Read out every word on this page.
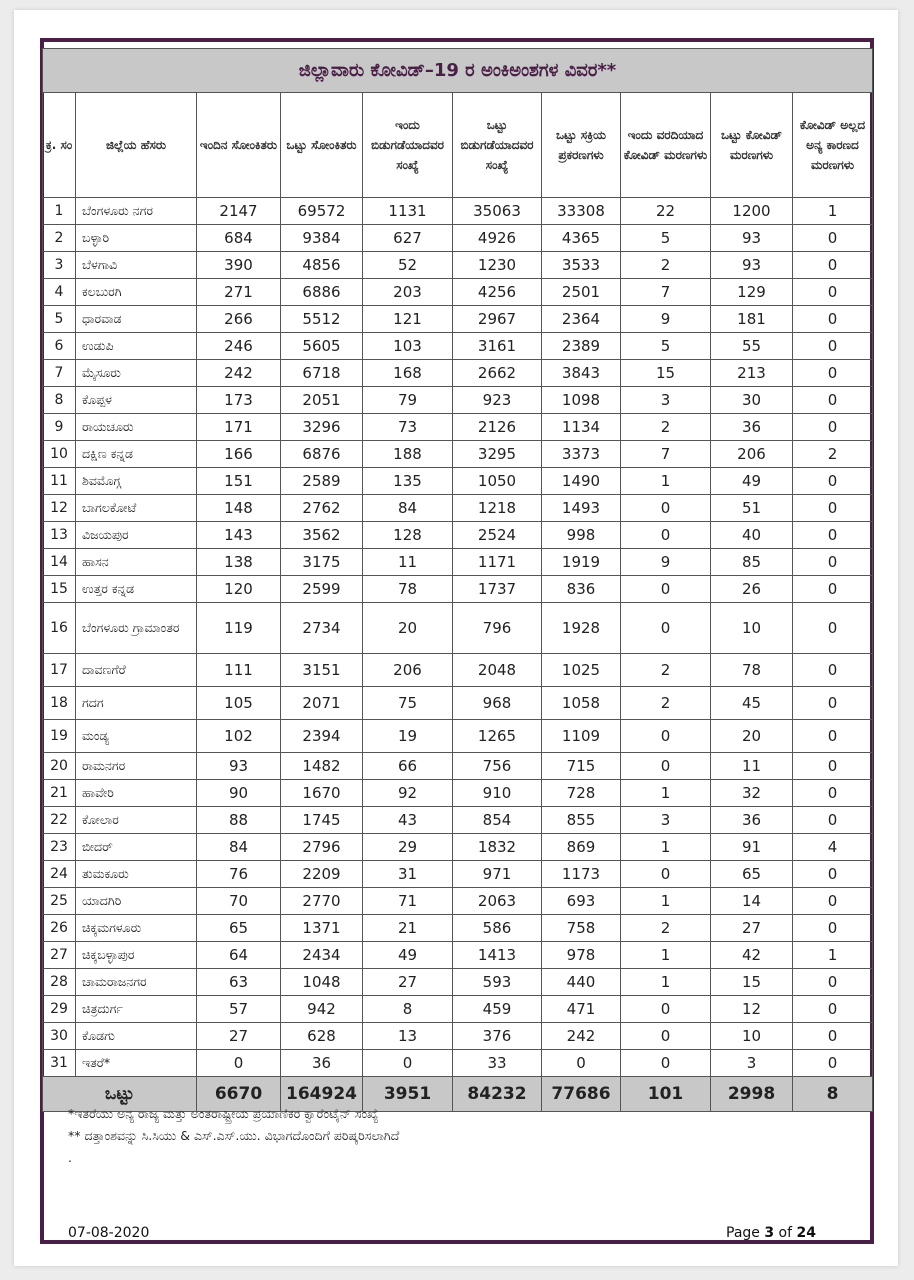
ಜಿಲ್ಲಾವಾರು ಕೋವಿಡ್–19 ರ ಅಂಕಿಅಂಶಗಳ ವಿವರ**									
ಕ್ರ. ಸಂ	ಜಿಲ್ಲೆಯ ಹೆಸರು	ಇಂದಿನ ಸೋಂಕಿತರು	ಒಟ್ಟು ಸೋಂಕಿತರು	ಇಂದು ಬಿಡುಗಡೆಯಾದವರ ಸಂಖ್ಯೆ	ಒಟ್ಟು ಬಿಡುಗಡೆಯಾದವರ ಸಂಖ್ಯೆ	ಒಟ್ಟು ಸಕ್ರಿಯ ಪ್ರಕರಣಗಳು	ಇಂದು ವರದಿಯಾದ ಕೋವಿಡ್ ಮರಣಗಳು	ಒಟ್ಟು ಕೋವಿಡ್ ಮರಣಗಳು	ಕೋವಿಡ್ ಅಲ್ಲದ ಅನ್ಯ ಕಾರಣದ ಮರಣಗಳು
1	ಬೆಂಗಳೂರು ನಗರ	2147	69572	1131	35063	33308	22	1200	1
2	ಬಳ್ಳಾರಿ	684	9384	627	4926	4365	5	93	0
3	ಬೆಳಗಾವಿ	390	4856	52	1230	3533	2	93	0
4	ಕಲಬುರಗಿ	271	6886	203	4256	2501	7	129	0
5	ಧಾರವಾಡ	266	5512	121	2967	2364	9	181	0
6	ಉಡುಪಿ	246	5605	103	3161	2389	5	55	0
7	ಮೈಸೂರು	242	6718	168	2662	3843	15	213	0
8	ಕೊಪ್ಪಳ	173	2051	79	923	1098	3	30	0
9	ರಾಯಚೂರು	171	3296	73	2126	1134	2	36	0
10	ದಕ್ಷಿಣ ಕನ್ನಡ	166	6876	188	3295	3373	7	206	2
11	ಶಿವಮೊಗ್ಗ	151	2589	135	1050	1490	1	49	0
12	ಬಾಗಲಕೋಟೆ	148	2762	84	1218	1493	0	51	0
13	ವಿಜಯಪುರ	143	3562	128	2524	998	0	40	0
14	ಹಾಸನ	138	3175	11	1171	1919	9	85	0
15	ಉತ್ತರ ಕನ್ನಡ	120	2599	78	1737	836	0	26	0
16	ಬೆಂಗಳೂರು ಗ್ರಾಮಾಂತರ	119	2734	20	796	1928	0	10	0
17	ದಾವಣಗೆರೆ	111	3151	206	2048	1025	2	78	0
18	ಗದಗ	105	2071	75	968	1058	2	45	0
19	ಮಂಡ್ಯ	102	2394	19	1265	1109	0	20	0
20	ರಾಮನಗರ	93	1482	66	756	715	0	11	0
21	ಹಾವೇರಿ	90	1670	92	910	728	1	32	0
22	ಕೋಲಾರ	88	1745	43	854	855	3	36	0
23	ಬೀದರ್	84	2796	29	1832	869	1	91	4
24	ತುಮಕೂರು	76	2209	31	971	1173	0	65	0
25	ಯಾದಗಿರಿ	70	2770	71	2063	693	1	14	0
26	ಚಿಕ್ಕಮಗಳೂರು	65	1371	21	586	758	2	27	0
27	ಚಿಕ್ಕಬಳ್ಳಾಪುರ	64	2434	49	1413	978	1	42	1
28	ಚಾಮರಾಜನಗರ	63	1048	27	593	440	1	15	0
29	ಚಿತ್ರದುರ್ಗ	57	942	8	459	471	0	12	0
30	ಕೊಡಗು	27	628	13	376	242	0	10	0
31	ಇತರೆ*	0	36	0	33	0	0	3	0
ಒಟ್ಟು		6670	164924	3951	84232	77686	101	2998	8
*ಇತರೆಯು ಅನ್ಯ ರಾಜ್ಯ ಮತ್ತು ಅಂತರಾಷ್ಟ್ರೀಯ ಪ್ರಯಾಣಿಕರ ಕ್ವಾರೆಂಟೈನ್ ಸಂಖ್ಯೆ
** ದತ್ತಾಂಶವನ್ನು ಸಿ.ಸಿಯು & ಎಸ್.ಎಸ್.ಯು. ವಿಭಾಗದೊಂದಿಗೆ ಪರಿಷ್ಕರಿಸಲಾಗಿದೆ
.
07-08-2020	Page 3 of 24
